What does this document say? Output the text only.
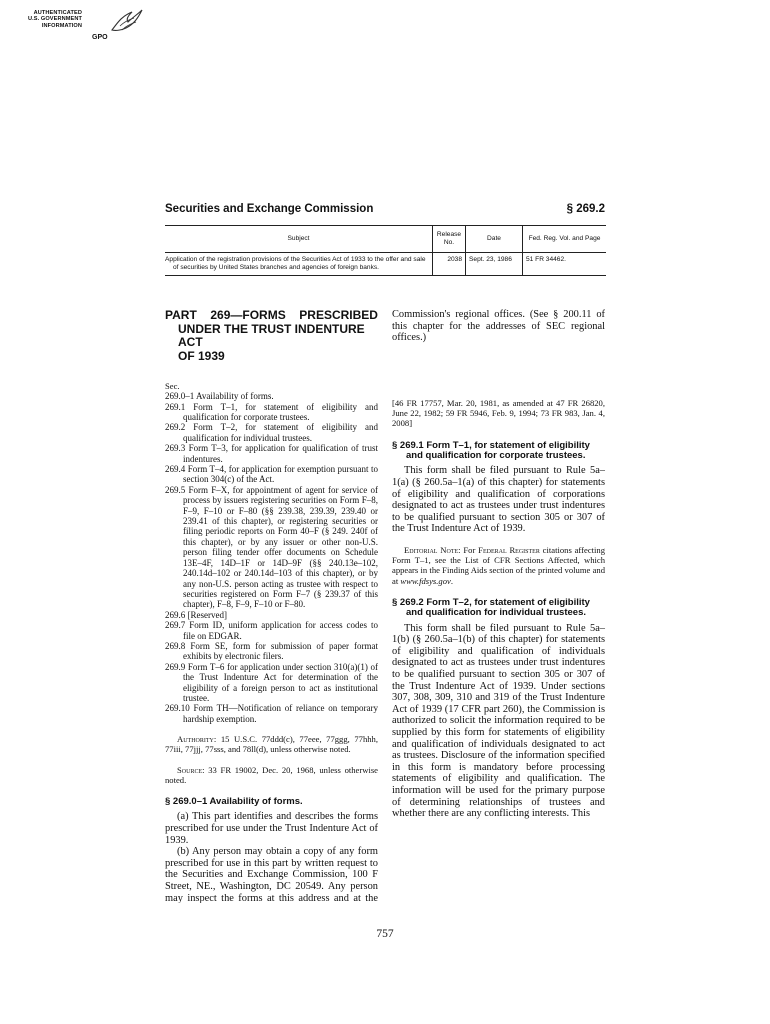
AUTHENTICATED
U.S. GOVERNMENT
INFORMATION
GPO
Securities and Exchange Commission	§ 269.2
Subject	Release No.	Date	Fed. Reg. Vol. and Page

Application of the registration provisions of the Securities Act of 1933 to the offer and sale of securities by United States branches and agencies of foreign banks.	2038	Sept. 23, 1986	51 FR 34462.
PART 269—FORMS PRESCRIBED
UNDER THE TRUST INDENTURE ACT
OF 1939

Sec.

269.0–1 Availability of forms.

269.1 Form T–1, for statement of eligibility and qualification for corporate trustees.

269.2 Form T–2, for statement of eligibility and qualification for individual trustees.

269.3 Form T–3, for application for qualification of trust indentures.

269.4 Form T–4, for application for exemption pursuant to section 304(c) of the Act.

269.5 Form F–X, for appointment of agent for service of process by issuers registering securities on Form F–8, F–9, F–10 or F–80 (§§ 239.38, 239.39, 239.40 or 239.41 of this chapter), or registering securities or filing periodic reports on Form 40–F (§ 249. 240f of this chapter), or by any issuer or other non-U.S. person filing tender offer documents on Schedule 13E–4F, 14D–1F or 14D–9F (§§ 240.13e–102, 240.14d–102 or 240.14d–103 of this chapter), or by any non-U.S. person acting as trustee with respect to securities registered on Form F–7 (§ 239.37 of this chapter), F–8, F–9, F–10 or F–80.

269.6 [Reserved]

269.7 Form ID, uniform application for access codes to file on EDGAR.

269.8 Form SE, form for submission of paper format exhibits by electronic filers.

269.9 Form T–6 for application under section 310(a)(1) of the Trust Indenture Act for determination of the eligibility of a foreign person to act as institutional trustee.

269.10 Form TH—Notification of reliance on temporary hardship exemption.

Authority: 15 U.S.C. 77ddd(c), 77eee, 77ggg, 77hhh, 77iii, 77jjj, 77sss, and 78ll(d), unless otherwise noted.

Source: 33 FR 19002, Dec. 20, 1968, unless otherwise noted.

§ 269.0–1 Availability of forms.

(a) This part identifies and describes the forms prescribed for use under the Trust Indenture Act of 1939.

(b) Any person may obtain a copy of any form prescribed for use in this part by written request to the Securities and Exchange Commission, 100 F Street, NE., Washington, DC 20549. Any person may inspect the forms at this address and at the

Commission's regional offices. (See § 200.11 of this chapter for the addresses of SEC regional offices.)

[46 FR 17757, Mar. 20, 1981, as amended at 47 FR 26820, June 22, 1982; 59 FR 5946, Feb. 9, 1994; 73 FR 983, Jan. 4, 2008]

§ 269.1 Form T–1, for statement of eligibility and qualification for corporate trustees.

This form shall be filed pursuant to Rule 5a–1(a) (§ 260.5a–1(a) of this chapter) for statements of eligibility and qualification of corporations designated to act as trustees under trust indentures to be qualified pursuant to section 305 or 307 of the Trust Indenture Act of 1939.

Editorial Note: For Federal Register citations affecting Form T–1, see the List of CFR Sections Affected, which appears in the Finding Aids section of the printed volume and at www.fdsys.gov.

§ 269.2 Form T–2, for statement of eligibility and qualification for individual trustees.

This form shall be filed pursuant to Rule 5a–1(b) (§ 260.5a–1(b) of this chapter) for statements of eligibility and qualification of individuals designated to act as trustees under trust indentures to be qualified pursuant to section 305 or 307 of the Trust Indenture Act of 1939. Under sections 307, 308, 309, 310 and 319 of the Trust Indenture Act of 1939 (17 CFR part 260), the Commission is authorized to solicit the information required to be supplied by this form for statements of eligibility and qualification of individuals designated to act as trustees. Disclosure of the information specified in this form is mandatory before processing statements of eligibility and qualification. The information will be used for the primary purpose of determining relationships of trustees and whether there are any conflicting interests. This

757
